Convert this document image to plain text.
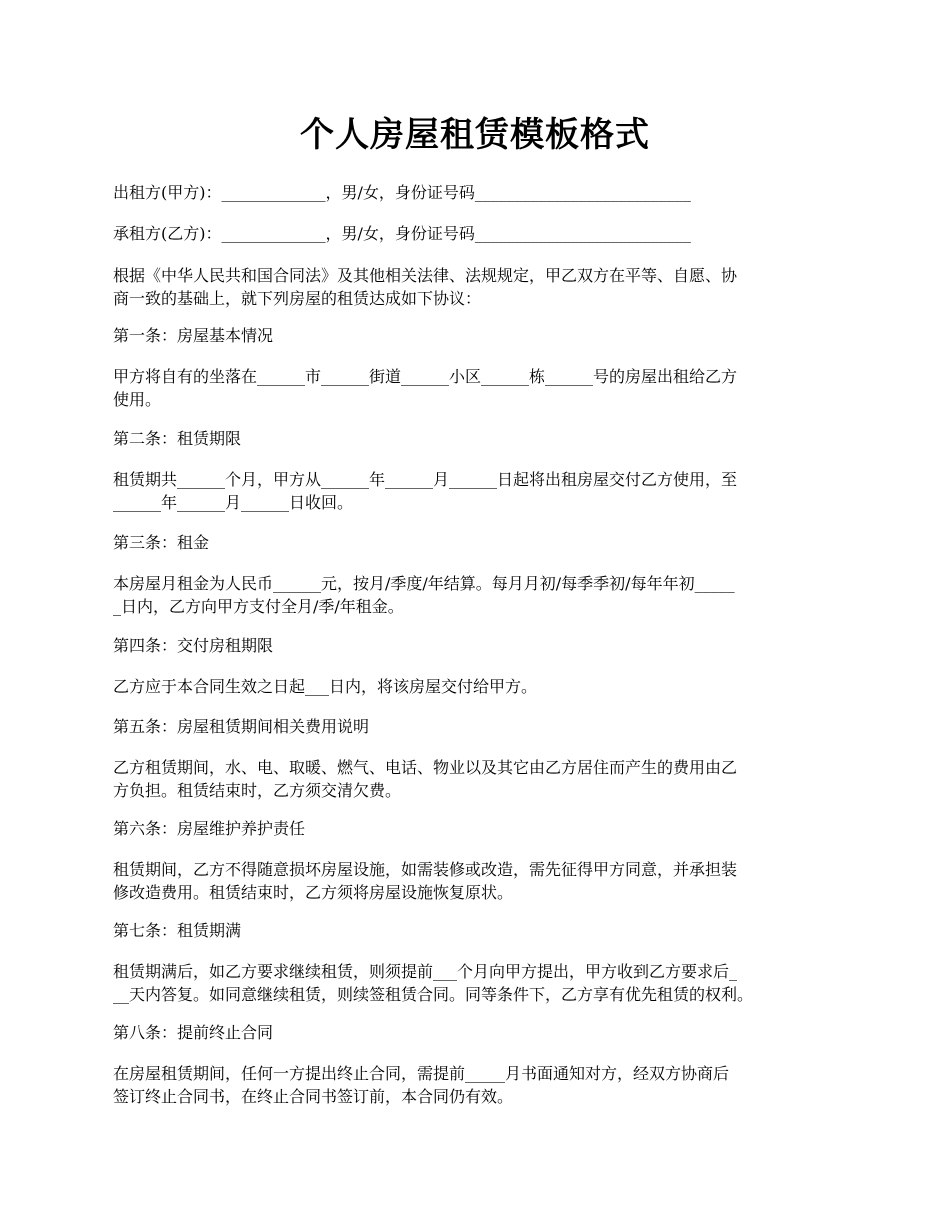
个人房屋租赁模板格式

出租方(甲方)：_____________，男/女，身份证号码___________________________

承租方(乙方)：_____________，男/女，身份证号码___________________________

根据《中华人民共和国合同法》及其他相关法律、法规规定，甲乙双方在平等、自愿、协
商一致的基础上，就下列房屋的租赁达成如下协议：

第一条：房屋基本情况

甲方将自有的坐落在______市______街道______小区______栋______号的房屋出租给乙方
使用。

第二条：租赁期限

租赁期共______个月，甲方从______年______月______日起将出租房屋交付乙方使用，至
______年______月______日收回。

第三条：租金

本房屋月租金为人民币______元，按月/季度/年结算。每月月初/每季季初/每年年初_____
_日内，乙方向甲方支付全月/季/年租金。

第四条：交付房租期限

乙方应于本合同生效之日起___日内，将该房屋交付给甲方。

第五条：房屋租赁期间相关费用说明

乙方租赁期间，水、电、取暖、燃气、电话、物业以及其它由乙方居住而产生的费用由乙
方负担。租赁结束时，乙方须交清欠费。

第六条：房屋维护养护责任

租赁期间，乙方不得随意损坏房屋设施，如需装修或改造，需先征得甲方同意，并承担装
修改造费用。租赁结束时，乙方须将房屋设施恢复原状。

第七条：租赁期满

租赁期满后，如乙方要求继续租赁，则须提前___个月向甲方提出，甲方收到乙方要求后_
__天内答复。如同意继续租赁，则续签租赁合同。同等条件下，乙方享有优先租赁的权利。

第八条：提前终止合同

在房屋租赁期间，任何一方提出终止合同，需提前_____月书面通知对方，经双方协商后
签订终止合同书，在终止合同书签订前，本合同仍有效。
